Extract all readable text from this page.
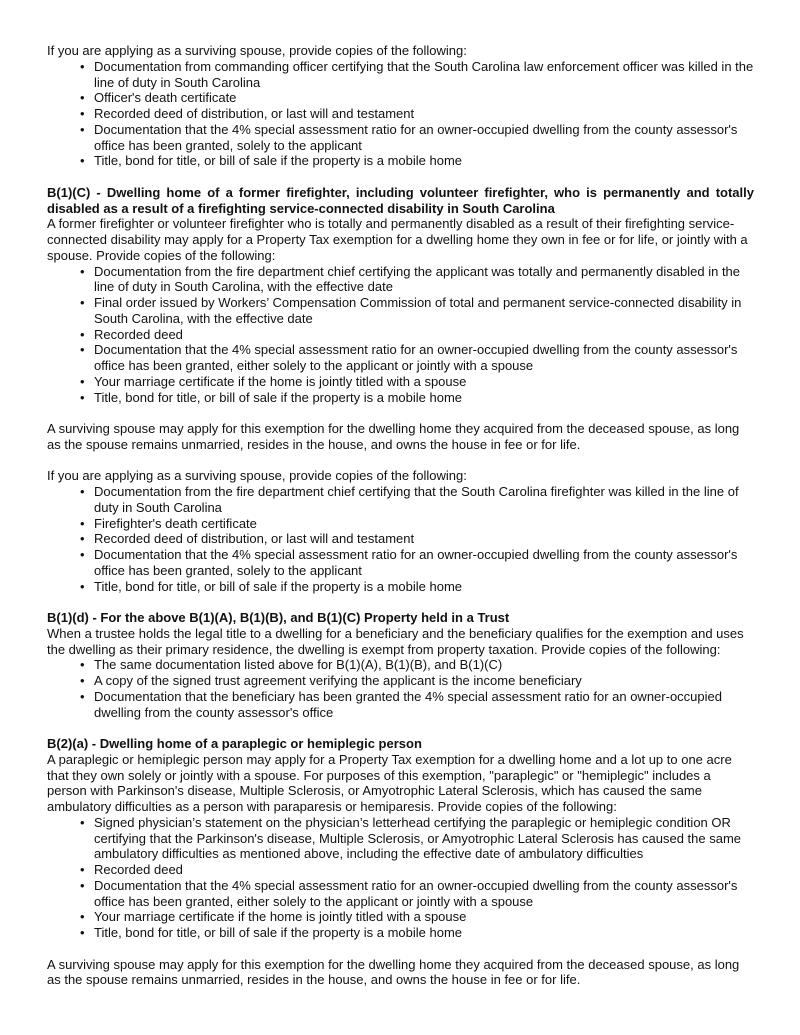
If you are applying as a surviving spouse, provide copies of the following:

• Documentation from commanding officer certifying that the South Carolina law enforcement officer was killed in the line of duty in South Carolina
• Officer's death certificate
• Recorded deed of distribution, or last will and testament
• Documentation that the 4% special assessment ratio for an owner-occupied dwelling from the county assessor's office has been granted, solely to the applicant
• Title, bond for title, or bill of sale if the property is a mobile home

B(1)(C) - Dwelling home of a former firefighter, including volunteer firefighter, who is permanently and totally disabled as a result of a firefighting service-connected disability in South Carolina

A former firefighter or volunteer firefighter who is totally and permanently disabled as a result of their firefighting service-connected disability may apply for a Property Tax exemption for a dwelling home they own in fee or for life, or jointly with a spouse. Provide copies of the following:

• Documentation from the fire department chief certifying the applicant was totally and permanently disabled in the line of duty in South Carolina, with the effective date
• Final order issued by Workers’ Compensation Commission of total and permanent service-connected disability in South Carolina, with the effective date
• Recorded deed
• Documentation that the 4% special assessment ratio for an owner-occupied dwelling from the county assessor's office has been granted, either solely to the applicant or jointly with a spouse
• Your marriage certificate if the home is jointly titled with a spouse
• Title, bond for title, or bill of sale if the property is a mobile home

A surviving spouse may apply for this exemption for the dwelling home they acquired from the deceased spouse, as long as the spouse remains unmarried, resides in the house, and owns the house in fee or for life.

If you are applying as a surviving spouse, provide copies of the following:

• Documentation from the fire department chief certifying that the South Carolina firefighter was killed in the line of duty in South Carolina
• Firefighter's death certificate
• Recorded deed of distribution, or last will and testament
• Documentation that the 4% special assessment ratio for an owner-occupied dwelling from the county assessor's office has been granted, solely to the applicant
• Title, bond for title, or bill of sale if the property is a mobile home

B(1)(d) - For the above B(1)(A), B(1)(B), and B(1)(C) Property held in a Trust

When a trustee holds the legal title to a dwelling for a beneficiary and the beneficiary qualifies for the exemption and uses the dwelling as their primary residence, the dwelling is exempt from property taxation. Provide copies of the following:

• The same documentation listed above for B(1)(A), B(1)(B), and B(1)(C)
• A copy of the signed trust agreement verifying the applicant is the income beneficiary
• Documentation that the beneficiary has been granted the 4% special assessment ratio for an owner-occupied dwelling from the county assessor's office

B(2)(a) - Dwelling home of a paraplegic or hemiplegic person

A paraplegic or hemiplegic person may apply for a Property Tax exemption for a dwelling home and a lot up to one acre that they own solely or jointly with a spouse. For purposes of this exemption, "paraplegic" or "hemiplegic" includes a person with Parkinson's disease, Multiple Sclerosis, or Amyotrophic Lateral Sclerosis, which has caused the same ambulatory difficulties as a person with paraparesis or hemiparesis. Provide copies of the following:

• Signed physician’s statement on the physician’s letterhead certifying the paraplegic or hemiplegic condition OR certifying that the Parkinson's disease, Multiple Sclerosis, or Amyotrophic Lateral Sclerosis has caused the same ambulatory difficulties as mentioned above, including the effective date of ambulatory difficulties
• Recorded deed
• Documentation that the 4% special assessment ratio for an owner-occupied dwelling from the county assessor's office has been granted, either solely to the applicant or jointly with a spouse
• Your marriage certificate if the home is jointly titled with a spouse
• Title, bond for title, or bill of sale if the property is a mobile home

A surviving spouse may apply for this exemption for the dwelling home they acquired from the deceased spouse, as long as the spouse remains unmarried, resides in the house, and owns the house in fee or for life.
